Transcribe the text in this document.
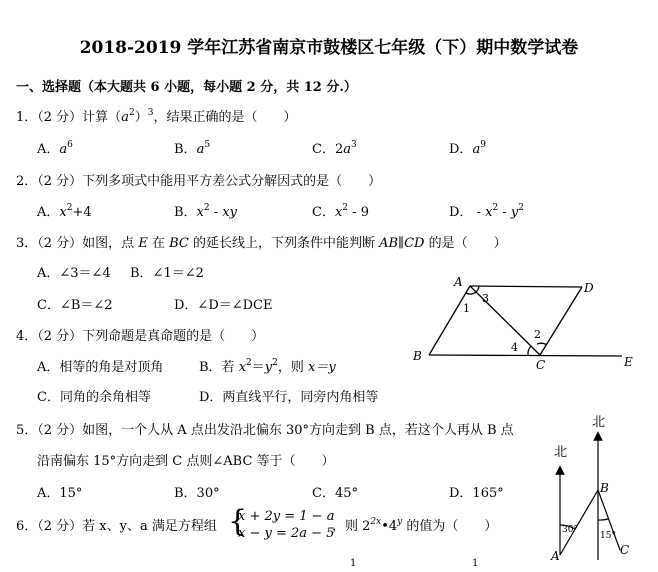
2018-2019 学年江苏省南京市鼓楼区七年级（下）期中数学试卷
一、选择题（本大题共 6 小题，每小题 2 分，共 12 分.）
1．（2 分）计算$(a^2)^3$，结果正确的是（　　）
A．$a^6$	B．$a^5$	C．$2a^3$	D．$a^9$
2．（2 分）下列多项式中能用平方差公式分解因式的是（　　）
A．$x^2+4$	B．$x^2$ - xy	C．$x^2 - 9$	D． - $x^2 - y^2$
3．（2 分）如图，点 E 在 BC 的延长线上，下列条件中能判断 AB∥CD 的是（　　）
A．∠3＝∠4 B．∠1＝∠2
C．∠B＝∠2	D．∠D＝∠DCE
A	D
B
C	E
1
3
2
4
4．（2 分）下列命题是真命题的是（　　）
A．相等的角是对顶角	B．若 $x^2=y^2$，则 x＝y
C．同角的余角相等	D．两直线平行，同旁内角相等
5．（2 分）如图，一个人从 A 点出发沿北偏东 30°方向走到 B 点，若这个人再从 B 点
沿南偏东 15°方向走到 C 点则∠ABC 等于（　　）
A．15°	B．30°	C．45°	D．165°
北
北
A
B
C
30°
15°
6．（2 分）若 x、y、a 满足方程组 {
x + 2y = 1 − a
x − y = 2a − 5
，则 $2^{2x}•4^y$ 的值为（　　）
1	1
